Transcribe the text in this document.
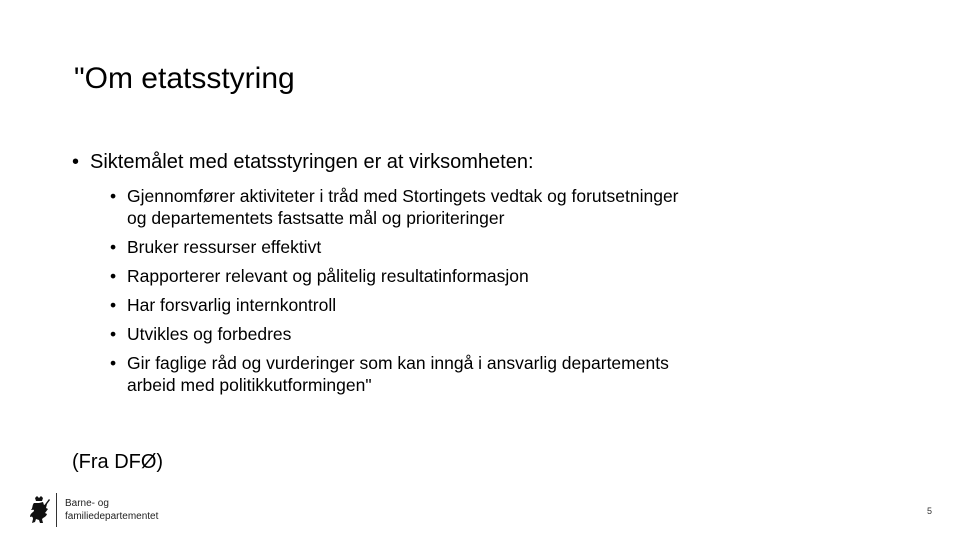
"Om etatsstyring
• Siktemålet med etatsstyringen er at virksomheten:
• Gjennomfører aktiviteter i tråd med Stortingets vedtak og forutsetninger
og departementets fastsatte mål og prioriteringer
• Bruker ressurser effektivt
• Rapporterer relevant og pålitelig resultatinformasjon
• Har forsvarlig internkontroll
• Utvikles og forbedres
• Gir faglige råd og vurderinger som kan inngå i ansvarlig departements
arbeid med politikkutformingen"
(Fra DFØ)
Barne- og
familiedepartementet	5
